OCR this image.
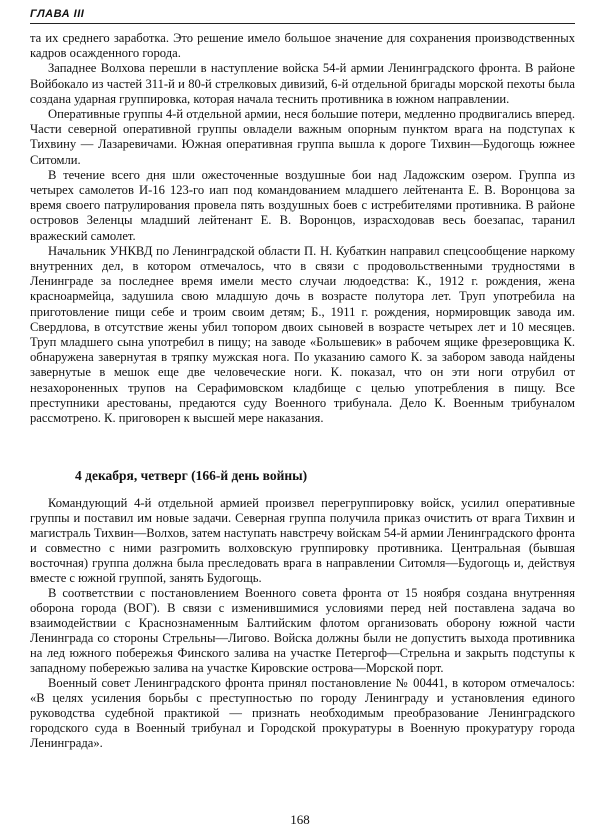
ГЛАВА III

та их среднего заработка. Это решение имело большое значение для сохранения производственных кадров осажденного города.

Западнее Волхова перешли в наступление войска 54-й армии Ленинградского фронта. В районе Войбокало из частей 311-й и 80-й стрелковых дивизий, 6-й отдельной бригады морской пехоты была создана ударная группировка, которая начала теснить противника в южном направлении.

Оперативные группы 4-й отдельной армии, неся большие потери, медленно продвигались вперед. Части северной оперативной группы овладели важным опорным пунктом врага на подступах к Тихвину — Лазаревичами. Южная оперативная группа вышла к дороге Тихвин—Будогощь южнее Ситомли.

В течение всего дня шли ожесточенные воздушные бои над Ладожским озером. Группа из четырех самолетов И-16 123-го иап под командованием младшего лейтенанта Е. В. Воронцова за время своего патрулирования провела пять воздушных боев с истребителями противника. В районе островов Зеленцы младший лейтенант Е. В. Воронцов, израсходовав весь боезапас, таранил вражеский самолет.

Начальник УНКВД по Ленинградской области П. Н. Кубаткин направил спецсообщение наркому внутренних дел, в котором отмечалось, что в связи с продовольственными трудностями в Ленинграде за последнее время имели место случаи людоедства: К., 1912 г. рождения, жена красноармейца, задушила свою младшую дочь в возрасте полутора лет. Труп употребила на приготовление пищи себе и троим своим детям; Б., 1911 г. рождения, нормировщик завода им. Свердлова, в отсутствие жены убил топором двоих сыновей в возрасте четырех лет и 10 месяцев. Труп младшего сына употребил в пищу; на заводе «Большевик» в рабочем ящике фрезеровщика К. обнаружена завернутая в тряпку мужская нога. По указанию самого К. за забором завода найдены завернутые в мешок еще две человеческие ноги. К. показал, что он эти ноги отрубил от незахороненных трупов на Серафимовском кладбище с целью употребления в пищу. Все преступники арестованы, предаются суду Военного трибунала. Дело К. Военным трибуналом рассмотрено. К. приговорен к высшей мере наказания.

4 декабря, четверг (166-й день войны)

Командующий 4-й отдельной армией произвел перегруппировку войск, усилил оперативные группы и поставил им новые задачи. Северная группа получила приказ очистить от врага Тихвин и магистраль Тихвин—Волхов, затем наступать навстречу войскам 54-й армии Ленинградского фронта и совместно с ними разгромить волховскую группировку противника. Центральная (бывшая восточная) группа должна была преследовать врага в направлении Ситомля—Будогощь и, действуя вместе с южной группой, занять Будогощь.

В соответствии с постановлением Военного совета фронта от 15 ноября создана внутренняя оборона города (ВОГ). В связи с изменившимися условиями перед ней поставлена задача во взаимодействии с Краснознаменным Балтийским флотом организовать оборону южной части Ленинграда со стороны Стрельны—Лигово. Войска должны были не допустить выхода противника на лед южного побережья Финского залива на участке Петергоф—Стрельна и закрыть подступы к западному побережью залива на участке Кировские острова—Морской порт.

Военный совет Ленинградского фронта принял постановление № 00441, в котором отмечалось: «В целях усиления борьбы с преступностью по городу Ленинграду и установления единого руководства судебной практикой — признать необходимым преобразование Ленинградского городского суда в Военный трибунал и Городской прокуратуры в Военную прокуратуру города Ленинграда».

168
